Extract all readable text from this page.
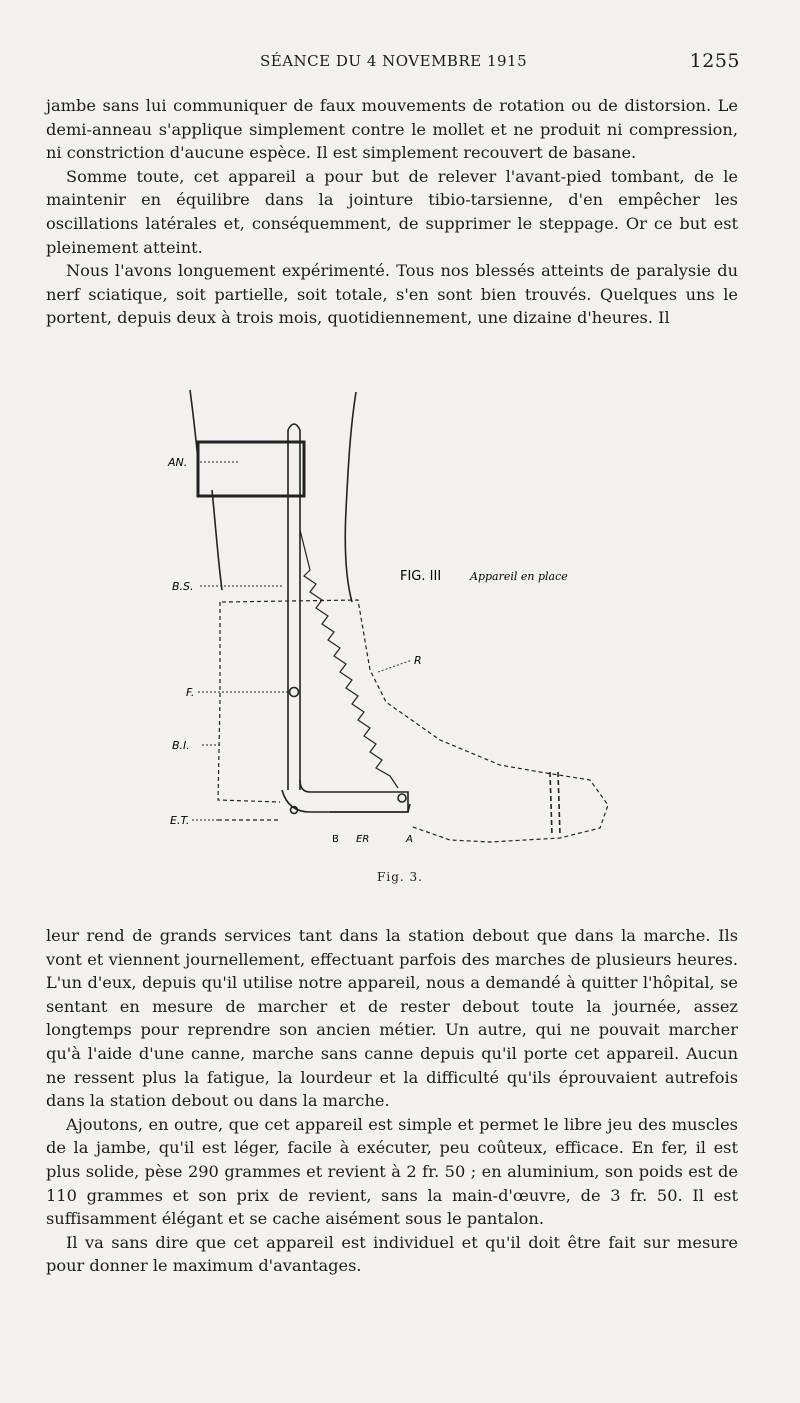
SÉANCE DU 4 NOVEMBRE 1915	1255

jambe sans lui communiquer de faux mouvements de rotation ou de distorsion. Le demi-anneau s'applique simplement contre le mollet et ne produit ni compression, ni constriction d'aucune espèce. Il est simplement recouvert de basane.

Somme toute, cet appareil a pour but de relever l'avant-pied tombant, de le maintenir en équilibre dans la jointure tibio-tarsienne, d'en empêcher les oscillations latérales et, conséquemment, de supprimer le steppage. Or ce but est pleinement atteint.

Nous l'avons longuement expérimenté. Tous nos blessés atteints de paralysie du nerf sciatique, soit partielle, soit totale, s'en sont bien trouvés. Quelques uns le portent, depuis deux à trois mois, quotidiennement, une dizaine d'heures. Il

AN.
B.S.
F.
B.I.
E.T.
R
B ER	A
FIG. III	Appareil en place
Fig. 3.

leur rend de grands services tant dans la station debout que dans la marche. Ils vont et viennent journellement, effectuant parfois des marches de plusieurs heures. L'un d'eux, depuis qu'il utilise notre appareil, nous a demandé à quitter l'hôpital, se sentant en mesure de marcher et de rester debout toute la journée, assez longtemps pour reprendre son ancien métier. Un autre, qui ne pouvait marcher qu'à l'aide d'une canne, marche sans canne depuis qu'il porte cet appareil. Aucun ne ressent plus la fatigue, la lourdeur et la difficulté qu'ils éprouvaient autrefois dans la station debout ou dans la marche.

Ajoutons, en outre, que cet appareil est simple et permet le libre jeu des muscles de la jambe, qu'il est léger, facile à exécuter, peu coûteux, efficace. En fer, il est plus solide, pèse 290 grammes et revient à 2 fr. 50 ; en aluminium, son poids est de 110 grammes et son prix de revient, sans la main-d'œuvre, de 3 fr. 50. Il est suffisamment élégant et se cache aisément sous le pantalon.

Il va sans dire que cet appareil est individuel et qu'il doit être fait sur mesure pour donner le maximum d'avantages.
